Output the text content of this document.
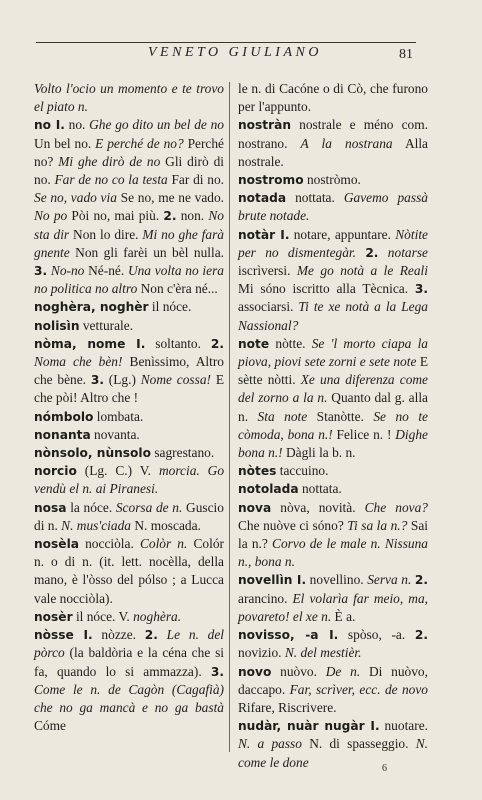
VENETO GIULIANO	81

Volto l'ocio un momento e te trovo el piato n.

no I. no. Ghe go dito un bel de no Un bel no. E perché de no? Perché no? Mi ghe dirò de no Gli dirò di no. Far de no co la testa Far di no. Se no, vado via Se no, me ne vado. No po Pòi no, mai più. 2. non. No sta dir Non lo dire. Mi no ghe farà gnente Non gli farèi un bèl nulla. 3. No-no Né-né. Una volta no iera no politica no altro Non c'èra né...

noghèra, noghèr il nóce.

nolisìn vetturale.

nòma, nome I. soltanto. 2. Noma che bèn! Benìssimo, Altro che bène. 3. (Lg.) Nome cossa! E che pòi! Altro che !

nómbolo lombata.

nonanta novanta.

nònsolo, nùnsolo sagrestano.

norcio (Lg. C.) V. morcia. Go vendù el n. ai Piranesi.

nosa la nóce. Scorsa de n. Guscio di n. N. mus'ciada N. moscada.

nosèla nocciòla. Colòr n. Colór n. o di n. (it. lett. nocèlla, della mano, è l'òsso del pólso ; a Lucca vale nocciòla).

nosèr il nóce. V. noghèra.

nòsse I. nòzze. 2. Le n. del pòrco (la baldòria e la céna che si fa, quando lo si ammazza). 3. Come le n. de Cagòn (Cagafià) che no ga mancà e no ga bastà Cóme

le n. di Cacóne o di Cò, che furono per l'appunto.

nostràn nostrale e méno com. nostrano. A la nostrana Alla nostrale.

nostromo nostròmo.

notada nottata. Gavemo passà brute notade.

notàr I. notare, appuntare. Nòtite per no dismentegàr. 2. notarse iscrìversi. Me go notà a le Reali Mi sóno iscritto alla Tècnica. 3. associarsi. Ti te xe notà a la Lega Nassional?

note nòtte. Se 'l morto ciapa la piova, piovi sete zorni e sete note E sètte nòtti. Xe una diferenza come del zorno a la n. Quanto dal g. alla n. Sta note Stanòtte. Se no te còmoda, bona n.! Felice n. ! Dighe bona n.! Dàgli la b. n.

nòtes taccuino.

notolada nottata.

nova nòva, novità. Che nova? Che nuòve ci sóno? Ti sa la n.? Sai la n.? Corvo de le male n. Nissuna n., bona n.

novellìn I. novellino. Serva n. 2. arancino. El volarìa far meio, ma, povareto! el xe n. È a.

novisso, -a I. spòso, -a. 2. novizio. N. del mestièr.

novo nuòvo. De n. Di nuòvo, daccapo. Far, scrìver, ecc. de novo Rifare, Riscrivere.

nudàr, nuàr nugàr I. nuotare. N. a passo N. di spasseggio. N. come le done	6
